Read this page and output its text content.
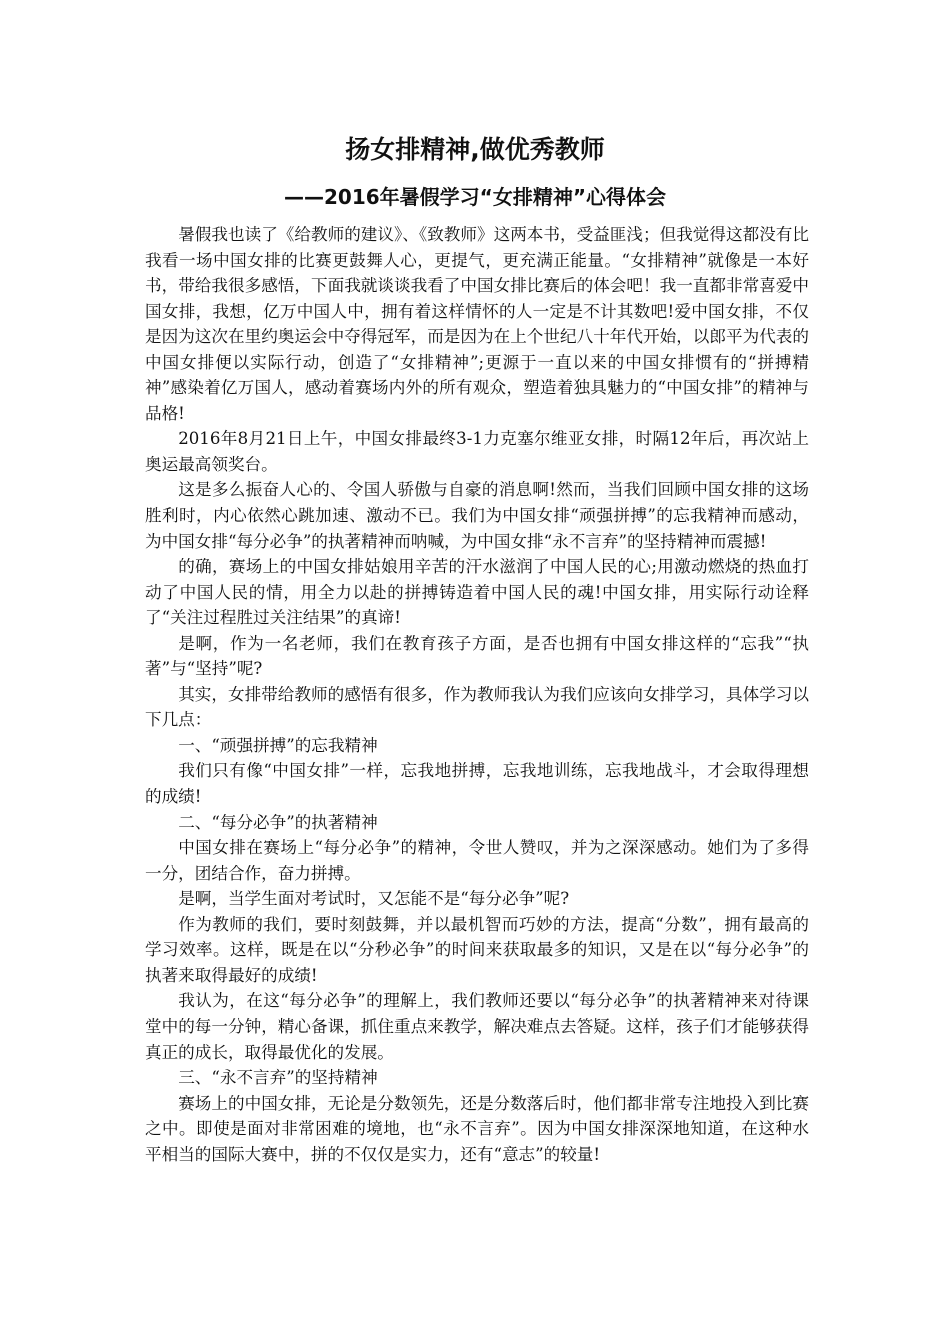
扬女排精神,做优秀教师
——2016年暑假学习“女排精神”心得体会

暑假我也读了《给教师的建议》、《致教师》这两本书，受益匪浅；但我觉得这都没有比我看一场中国女排的比赛更鼓舞人心，更提气，更充满正能量。“女排精神”就像是一本好书，带给我很多感悟，下面我就谈谈我看了中国女排比赛后的体会吧！我一直都非常喜爱中国女排，我想，亿万中国人中，拥有着这样情怀的人一定是不计其数吧!爱中国女排，不仅是因为这次在里约奥运会中夺得冠军，而是因为在上个世纪八十年代开始，以郎平为代表的中国女排便以实际行动，创造了“女排精神”;更源于一直以来的中国女排惯有的“拼搏精神”感染着亿万国人，感动着赛场内外的所有观众，塑造着独具魅力的“中国女排”的精神与品格!

2016年8月21日上午，中国女排最终3-1力克塞尔维亚女排，时隔12年后，再次站上奥运最高领奖台。

这是多么振奋人心的、令国人骄傲与自豪的消息啊!然而，当我们回顾中国女排的这场胜利时，内心依然心跳加速、激动不已。我们为中国女排“顽强拼搏”的忘我精神而感动，为中国女排“每分必争”的执著精神而呐喊，为中国女排“永不言弃”的坚持精神而震撼!

的确，赛场上的中国女排姑娘用辛苦的汗水滋润了中国人民的心;用激动燃烧的热血打动了中国人民的情，用全力以赴的拼搏铸造着中国人民的魂!中国女排，用实际行动诠释了“关注过程胜过关注结果”的真谛!

是啊，作为一名老师，我们在教育孩子方面，是否也拥有中国女排这样的“忘我”“执著”与“坚持”呢?

其实，女排带给教师的感悟有很多，作为教师我认为我们应该向女排学习，具体学习以下几点：

一、“顽强拼搏”的忘我精神

我们只有像“中国女排”一样，忘我地拼搏，忘我地训练，忘我地战斗，才会取得理想的成绩!

二、“每分必争”的执著精神

中国女排在赛场上“每分必争”的精神，令世人赞叹，并为之深深感动。她们为了多得一分，团结合作，奋力拼搏。

是啊，当学生面对考试时，又怎能不是“每分必争”呢?

作为教师的我们，要时刻鼓舞，并以最机智而巧妙的方法，提高“分数”，拥有最高的学习效率。这样，既是在以“分秒必争”的时间来获取最多的知识，又是在以“每分必争”的执著来取得最好的成绩!

我认为，在这“每分必争”的理解上，我们教师还要以“每分必争”的执著精神来对待课堂中的每一分钟，精心备课，抓住重点来教学，解决难点去答疑。这样，孩子们才能够获得真正的成长，取得最优化的发展。

三、“永不言弃”的坚持精神

赛场上的中国女排，无论是分数领先，还是分数落后时，他们都非常专注地投入到比赛之中。即使是面对非常困难的境地，也“永不言弃”。因为中国女排深深地知道，在这种水平相当的国际大赛中，拼的不仅仅是实力，还有“意志”的较量!
